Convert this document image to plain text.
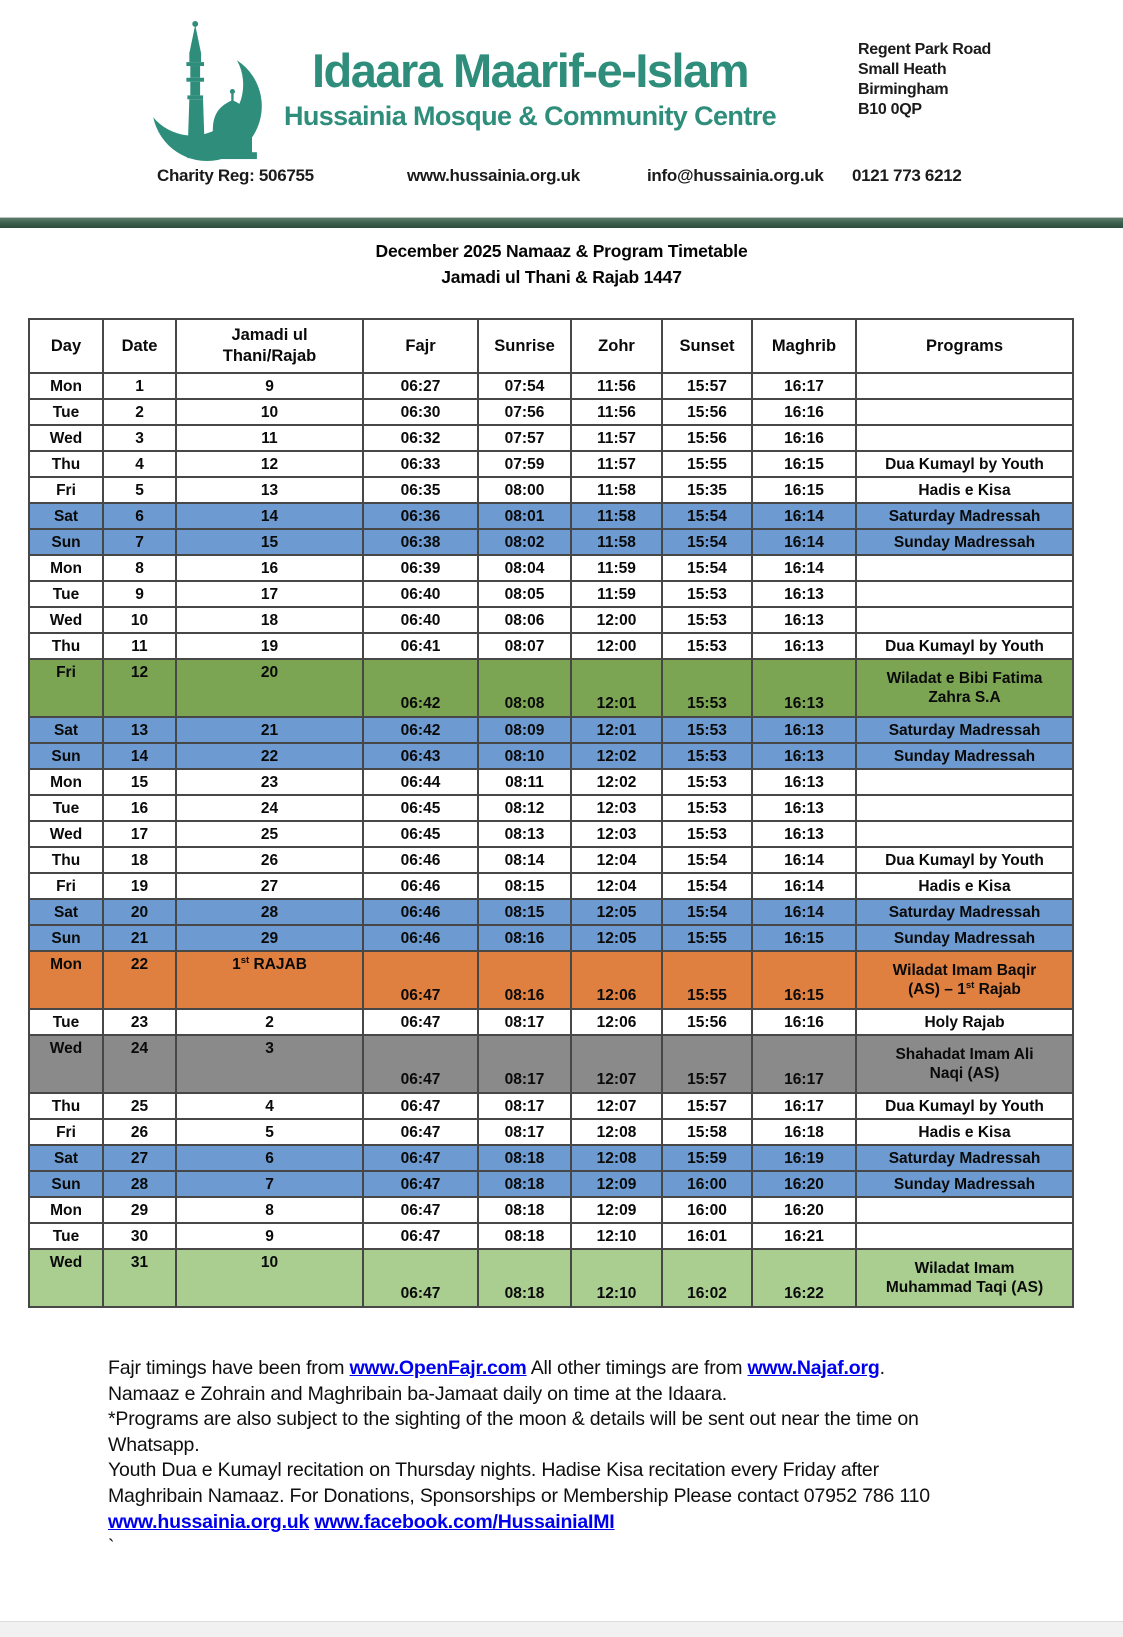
Idaara Maarif-e-Islam
Hussainia Mosque & Community Centre
Regent Park Road
Small Heath
Birmingham
B10 0QP
Charity Reg: 506755	www.hussainia.org.uk	info@hussainia.org.uk 0121 773 6212
December 2025 Namaaz & Program Timetable
Jamadi ul Thani & Rajab 1447
Day	Date	Jamadi ul
Thani/Rajab	Fajr	Sunrise	Zohr	Sunset	Maghrib	Programs
Mon	1	9	06:27	07:54	11:56	15:57	16:17	
Tue	2	10	06:30	07:56	11:56	15:56	16:16	
Wed	3	11	06:32	07:57	11:57	15:56	16:16	
Thu	4	12	06:33	07:59	11:57	15:55	16:15	Dua Kumayl by Youth
Fri	5	13	06:35	08:00	11:58	15:35	16:15	Hadis e Kisa
Sat	6	14	06:36	08:01	11:58	15:54	16:14	Saturday Madressah
Sun	7	15	06:38	08:02	11:58	15:54	16:14	Sunday Madressah
Mon	8	16	06:39	08:04	11:59	15:54	16:14	
Tue	9	17	06:40	08:05	11:59	15:53	16:13	
Wed	10	18	06:40	08:06	12:00	15:53	16:13	
Thu	11	19	06:41	08:07	12:00	15:53	16:13	Dua Kumayl by Youth
Fri	12	20	06:42	08:08	12:01	15:53	16:13	Wiladat e Bibi Fatima
Zahra S.A
Sat	13	21	06:42	08:09	12:01	15:53	16:13	Saturday Madressah
Sun	14	22	06:43	08:10	12:02	15:53	16:13	Sunday Madressah
Mon	15	23	06:44	08:11	12:02	15:53	16:13	
Tue	16	24	06:45	08:12	12:03	15:53	16:13	
Wed	17	25	06:45	08:13	12:03	15:53	16:13	
Thu	18	26	06:46	08:14	12:04	15:54	16:14	Dua Kumayl by Youth
Fri	19	27	06:46	08:15	12:04	15:54	16:14	Hadis e Kisa
Sat	20	28	06:46	08:15	12:05	15:54	16:14	Saturday Madressah
Sun	21	29	06:46	08:16	12:05	15:55	16:15	Sunday Madressah
Mon	22	1st RAJAB	06:47	08:16	12:06	15:55	16:15	Wiladat Imam Baqir
(AS) – 1st Rajab
Tue	23	2	06:47	08:17	12:06	15:56	16:16	Holy Rajab
Wed	24	3	06:47	08:17	12:07	15:57	16:17	Shahadat Imam Ali
Naqi (AS)
Thu	25	4	06:47	08:17	12:07	15:57	16:17	Dua Kumayl by Youth
Fri	26	5	06:47	08:17	12:08	15:58	16:18	Hadis e Kisa
Sat	27	6	06:47	08:18	12:08	15:59	16:19	Saturday Madressah
Sun	28	7	06:47	08:18	12:09	16:00	16:20	Sunday Madressah
Mon	29	8	06:47	08:18	12:09	16:00	16:20	
Tue	30	9	06:47	08:18	12:10	16:01	16:21	
Wed	31	10	06:47	08:18	12:10	16:02	16:22	Wiladat Imam
Muhammad Taqi (AS)
Fajr timings have been from www.OpenFajr.com All other timings are from www.Najaf.org.
Namaaz e Zohrain and Maghribain ba-Jamaat daily on time at the Idaara.
*Programs are also subject to the sighting of the moon & details will be sent out near the time on
Whatsapp.
Youth Dua e Kumayl recitation on Thursday nights. Hadise Kisa recitation every Friday after
Maghribain Namaaz. For Donations, Sponsorships or Membership Please contact 07952 786 110
www.hussainia.org.uk www.facebook.com/HussainiaIMI
`
